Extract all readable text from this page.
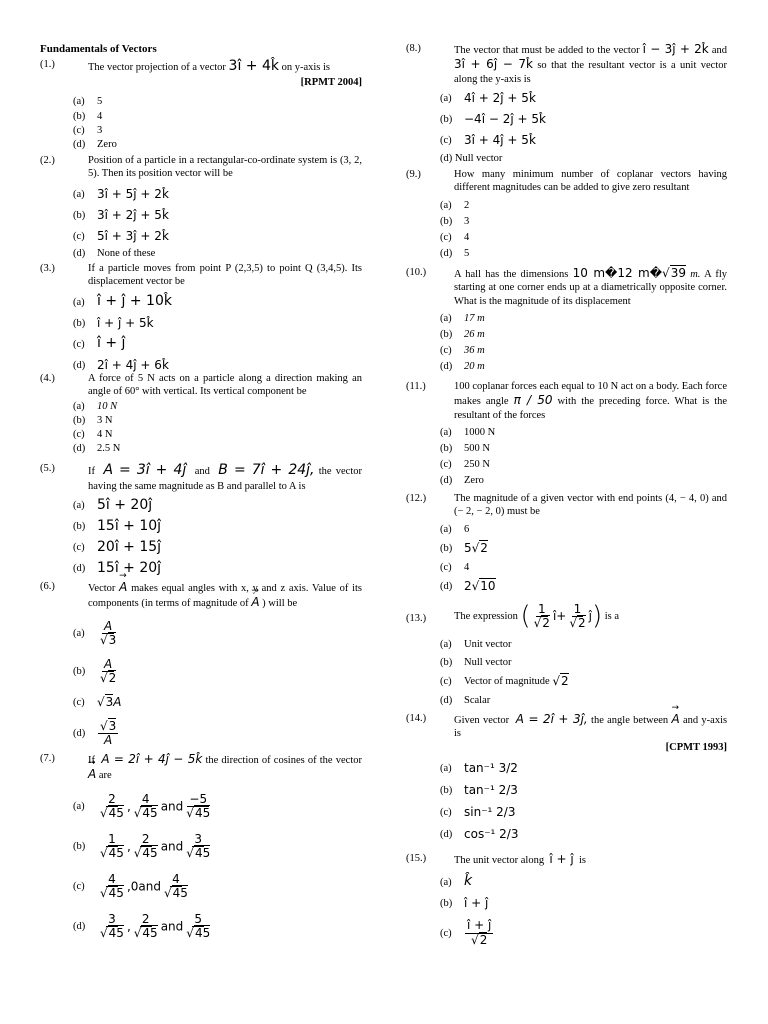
Fundamentals of Vectors
(1.)	The vector projection of a vector 3î + 4k̂ on y-axis is
[RPMT 2004]
(a)	5
(b)	4
(c)	3
(d)	Zero
(2.)	Position of a particle in a rectangular-co-ordinate system is (3, 2, 5). Then its position vector will be
(a)	3î + 5ĵ + 2k̂
(b) 3î + 2ĵ + 5k̂
(c)	5î + 3ĵ + 2k̂
(d)	None of these
(3.)	If a particle moves from point P (2,3,5) to point Q (3,4,5). Its displacement vector be
(a) î + ĵ + 10k̂
(b) î + ĵ + 5k̂
(c) î + ĵ
(d) 2î + 4ĵ + 6k̂
(4.)	A force of 5 N acts on a particle along a direction making an angle of 60° with vertical. Its vertical component be
(a)	10 N
(b)	3 N
(c)	4 N
(d)	2.5 N
(5.)	If A = 3î + 4ĵ and B = 7î + 24ĵ, the vector having the same magnitude as B and parallel to A is
(a) 5î + 20ĵ
(b) 15î + 10ĵ
(c) 20î + 15ĵ
(d) 15î + 20ĵ
(6.)	Vector → A makes equal angles with x, y and z axis. Value of its components (in terms of magnitude of → A ) will be
(a)	$\frac{A}{√3}$
(b)	$\frac{A}{√2}$
(c)	√3A
(d)	$\frac{√3}{A}$
(7.)	If A = 2î + 4ĵ − 5k̂ the direction of cosines of the vector → A are
(a)	$\frac{2}{√45}$ , $\frac{4}{√45}$ and $\frac{-5}{√45}$
(b)	$\frac{1}{√45}$ , $\frac{2}{√45}$ and $\frac{3}{√45}$
(c)	$\frac{4}{√45} ,0and \frac{4}{√45}$
(d)	$\frac{3}{√45}$ , $\frac{2}{√45}$ and $\frac{5}{√45}$
(8.)	The vector that must be added to the vector î − 3ĵ + 2k̂ and 3î + 6ĵ − 7k̂ so that the resultant vector is a unit vector along the y-axis is
(a)	4î + 2ĵ + 5k̂
(b) −4î − 2ĵ + 5k̂
(c)	3î + 4ĵ + 5k̂
(d)
Null vector
(9.)	How many minimum number of coplanar vectors having different magnitudes can be added to give zero resultant
(a)	2
(b)	3
(c)	4
(d)	5
(10.)	A hall has the dimensions 10 m�12 m�√39 m. A fly starting at one corner ends up at a diametrically opposite corner. What is the magnitude of its displacement
(a)	17 m
(b)	26 m
(c)	36 m
(d)	20 m
(11.)	100 coplanar forces each equal to 10 N act on a body. Each force makes angle π / 50 with the preceding force. What is the resultant of the forces
(a)	1000 N
(b)	500 N
(c)	250 N
(d)	Zero
(12.)	The magnitude of a given vector with end points (4, − 4, 0) and (− 2, − 2, 0) must be
(a)	6
(b) 5√2
(c)	4
(d) 2√10
(13.)	The expression
( $\frac{1}{√2}$ î + $\frac{1}{√2}$ ĵ )
is a
(a)	Unit vector
(b)	Null vector
(c)	Vector of magnitude
√2
(d)	Scalar
(14.)	Given vector A = 2î + 3ĵ, the angle between → A and y-axis is
[CPMT 1993]
(a)	tan⁻¹ 3/2
(b) tan⁻¹ 2/3
(c)	sin⁻¹ 2/3
(d) cos⁻¹ 2/3
(15.)	The unit vector along î + ĵ is
(a) k̂
(b) î + ĵ
(c)	$\frac{î + ĵ}{√2}$
